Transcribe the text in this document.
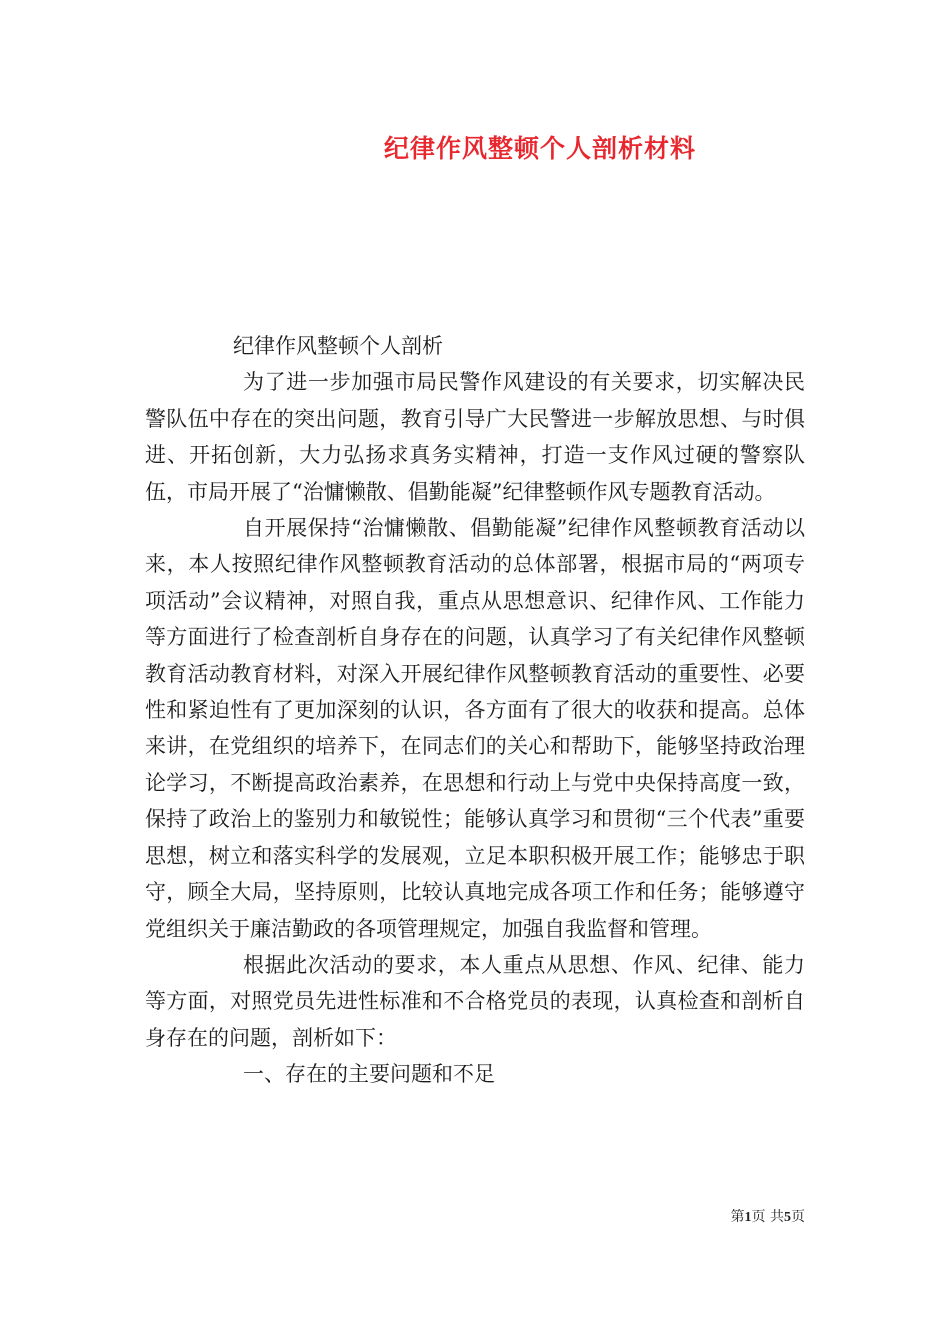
纪律作风整顿个人剖析材料

纪律作风整顿个人剖析

为了进一步加强市局民警作风建设的有关要求，切实解决民警队伍中存在的突出问题，教育引导广大民警进一步解放思想、与时俱进、开拓创新，大力弘扬求真务实精神，打造一支作风过硬的警察队伍，市局开展了“治慵懒散、倡勤能凝”纪律整顿作风专题教育活动。

自开展保持“治慵懒散、倡勤能凝”纪律作风整顿教育活动以来，本人按照纪律作风整顿教育活动的总体部署，根据市局的“两项专项活动”会议精神，对照自我，重点从思想意识、纪律作风、工作能力等方面进行了检查剖析自身存在的问题，认真学习了有关纪律作风整顿教育活动教育材料，对深入开展纪律作风整顿教育活动的重要性、必要性和紧迫性有了更加深刻的认识，各方面有了很大的收获和提高。总体来讲，在党组织的培养下，在同志们的关心和帮助下，能够坚持政治理论学习，不断提高政治素养，在思想和行动上与党中央保持高度一致，保持了政治上的鉴别力和敏锐性；能够认真学习和贯彻“三个代表”重要思想，树立和落实科学的发展观，立足本职积极开展工作；能够忠于职守，顾全大局，坚持原则，比较认真地完成各项工作和任务；能够遵守党组织关于廉洁勤政的各项管理规定，加强自我监督和管理。

根据此次活动的要求，本人重点从思想、作风、纪律、能力等方面，对照党员先进性标准和不合格党员的表现，认真检查和剖析自身存在的问题，剖析如下：

一、存在的主要问题和不足

第1页 共5页
